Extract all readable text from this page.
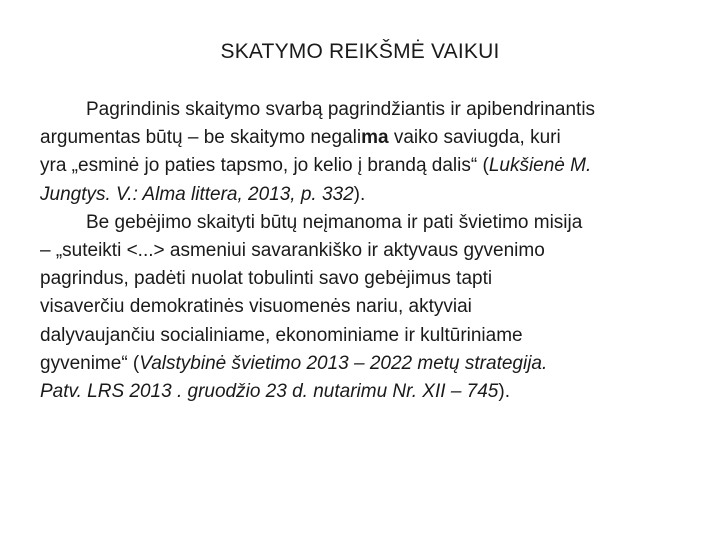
SKATYMO REIKŠMĖ VAIKUI
Pagrindinis skaitymo svarbą pagrindžiantis ir apibendrinantis
argumentas būtų – be skaitymo negalima vaiko saviugda, kuri
yra „esminė jo paties tapsmo, jo kelio į brandą dalis“ (Lukšienė M.
Jungtys. V.: Alma littera, 2013, p. 332).
Be gebėjimo skaityti būtų neįmanoma ir pati švietimo misija
– „suteikti <...> asmeniui savarankiško ir aktyvaus gyvenimo
pagrindus, padėti nuolat tobulinti savo gebėjimus tapti
visaverčiu demokratinės visuomenės nariu, aktyviai
dalyvaujančiu socialiniame, ekonominiame ir kultūriniame
gyvenime“ (Valstybinė švietimo 2013 – 2022 metų strategija.
Patv. LRS 2013 . gruodžio 23 d. nutarimu Nr. XII – 745).
